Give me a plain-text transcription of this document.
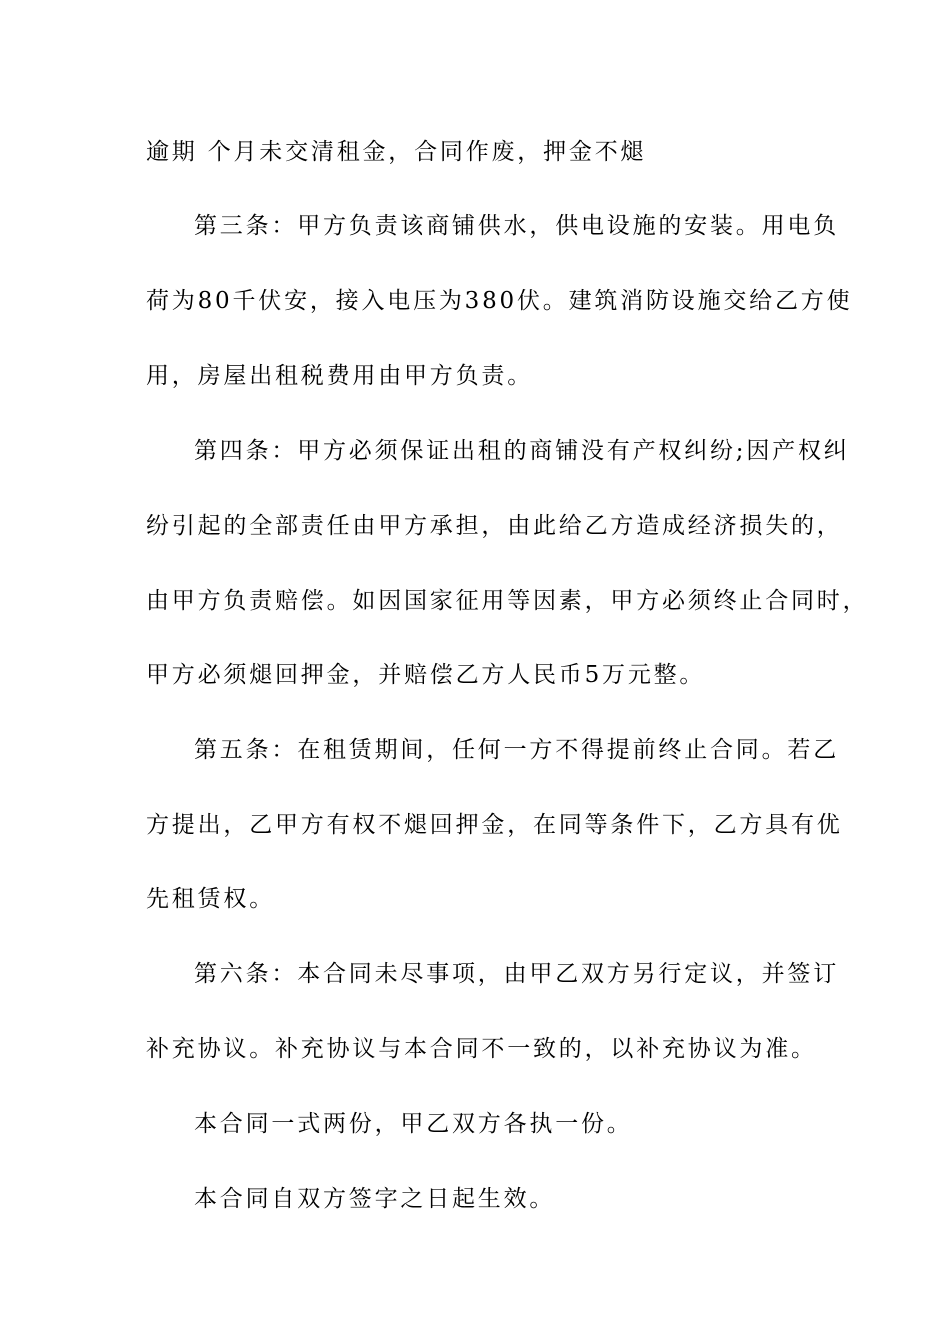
逾期 个月未交清租金，合同作废，押金不煺
第三条：甲方负责该商铺供水，供电设施的安装。用电负
荷为80千伏安，接入电压为380伏。建筑消防设施交给乙方使
用，房屋出租税费用由甲方负责。
第四条：甲方必须保证出租的商铺没有产权纠纷;因产权纠
纷引起的全部责任由甲方承担，由此给乙方造成经济损失的，
由甲方负责赔偿。如因国家征用等因素，甲方必须终止合同时，
甲方必须煺回押金，并赔偿乙方人民币5万元整。
第五条：在租赁期间，任何一方不得提前终止合同。若乙
方提出，乙甲方有权不煺回押金，在同等条件下，乙方具有优
先租赁权。
第六条：本合同未尽事项，由甲乙双方另行定议，并签订
补充协议。补充协议与本合同不一致的，以补充协议为准。
本合同一式两份，甲乙双方各执一份。
本合同自双方签字之日起生效。
